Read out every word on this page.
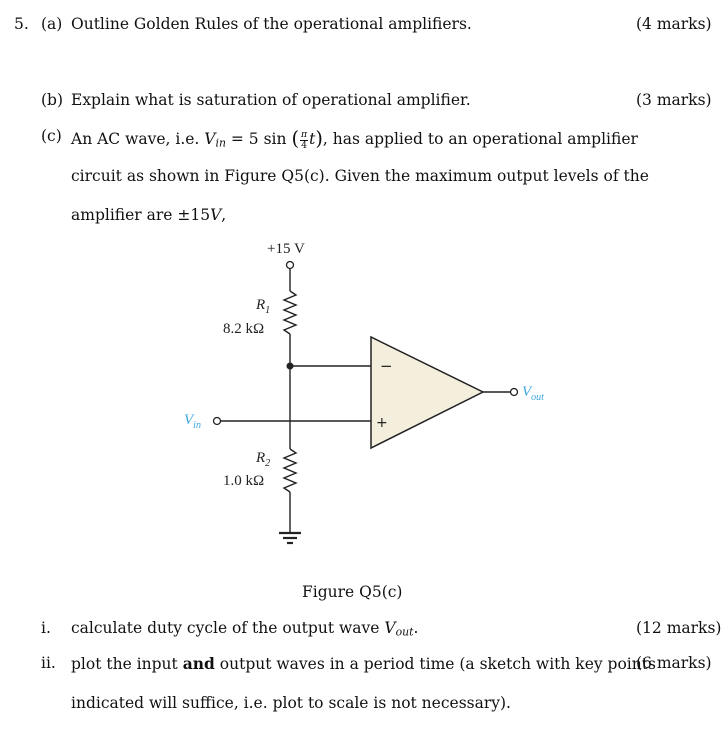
5. (a) Outline Golden Rules of the operational amplifiers.	(4 marks)
(b) Explain what is saturation of operational amplifier.	(3 marks)
(c) An AC wave, i.e. $V_{in} = 5$ sin ( $\frac{\pi}{4} t$), has applied to an operational amplifier
circuit as shown in Figure Q5(c). Given the maximum output levels of the
amplifier are ±15V,
+15 V
$R_1$
8.2 kΩ
$R_2$
1.0 kΩ
$V_{in}$
−
+
$V_{out}$
Figure Q5(c)
i. calculate duty cycle of the output wave $V_{out}$.	(12 marks)
ii. plot the input and output waves in a period time (a sketch with key points
(6 marks)
indicated will suffice, i.e. plot to scale is not necessary).
